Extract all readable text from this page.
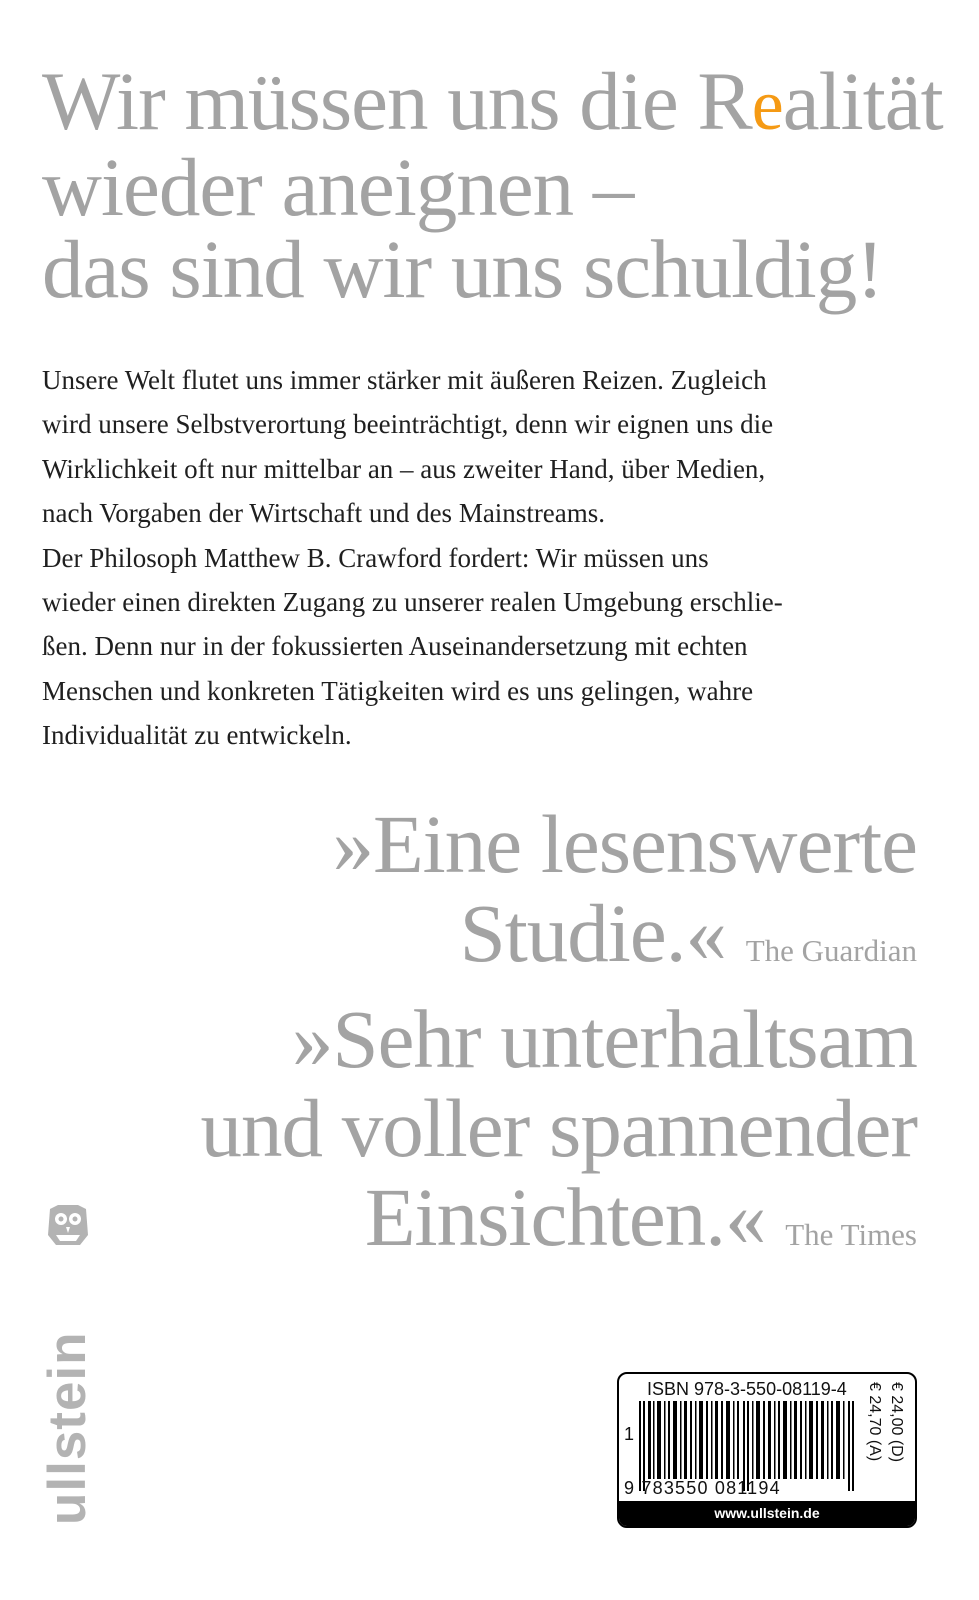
Wir müssen uns die Realität
wieder aneignen –
das sind wir uns schuldig!
Unsere Welt flutet uns immer stärker mit äußeren Reizen. Zugleich
wird unsere Selbstverortung beeinträchtigt, denn wir eignen uns die
Wirklichkeit oft nur mittelbar an – aus zweiter Hand, über Medien,
nach Vorgaben der Wirtschaft und des Mainstreams.
Der Philosoph Matthew B. Crawford fordert: Wir müssen uns
wieder einen direkten Zugang zu unserer realen Umgebung erschlie-
ßen. Denn nur in der fokussierten Auseinandersetzung mit echten
Menschen und konkreten Tätigkeiten wird es uns gelingen, wahre
Individualität zu entwickeln.
»Eine lesenswerte
Studie.« The Guardian
»Sehr unterhaltsam
und voller spannender
Einsichten.« The Times
ullstein	ISBN 978-3-550-08119-4
1
9 783550 081194
€ 24,00 (D)
€ 24,70 (A)
www.ullstein.de
